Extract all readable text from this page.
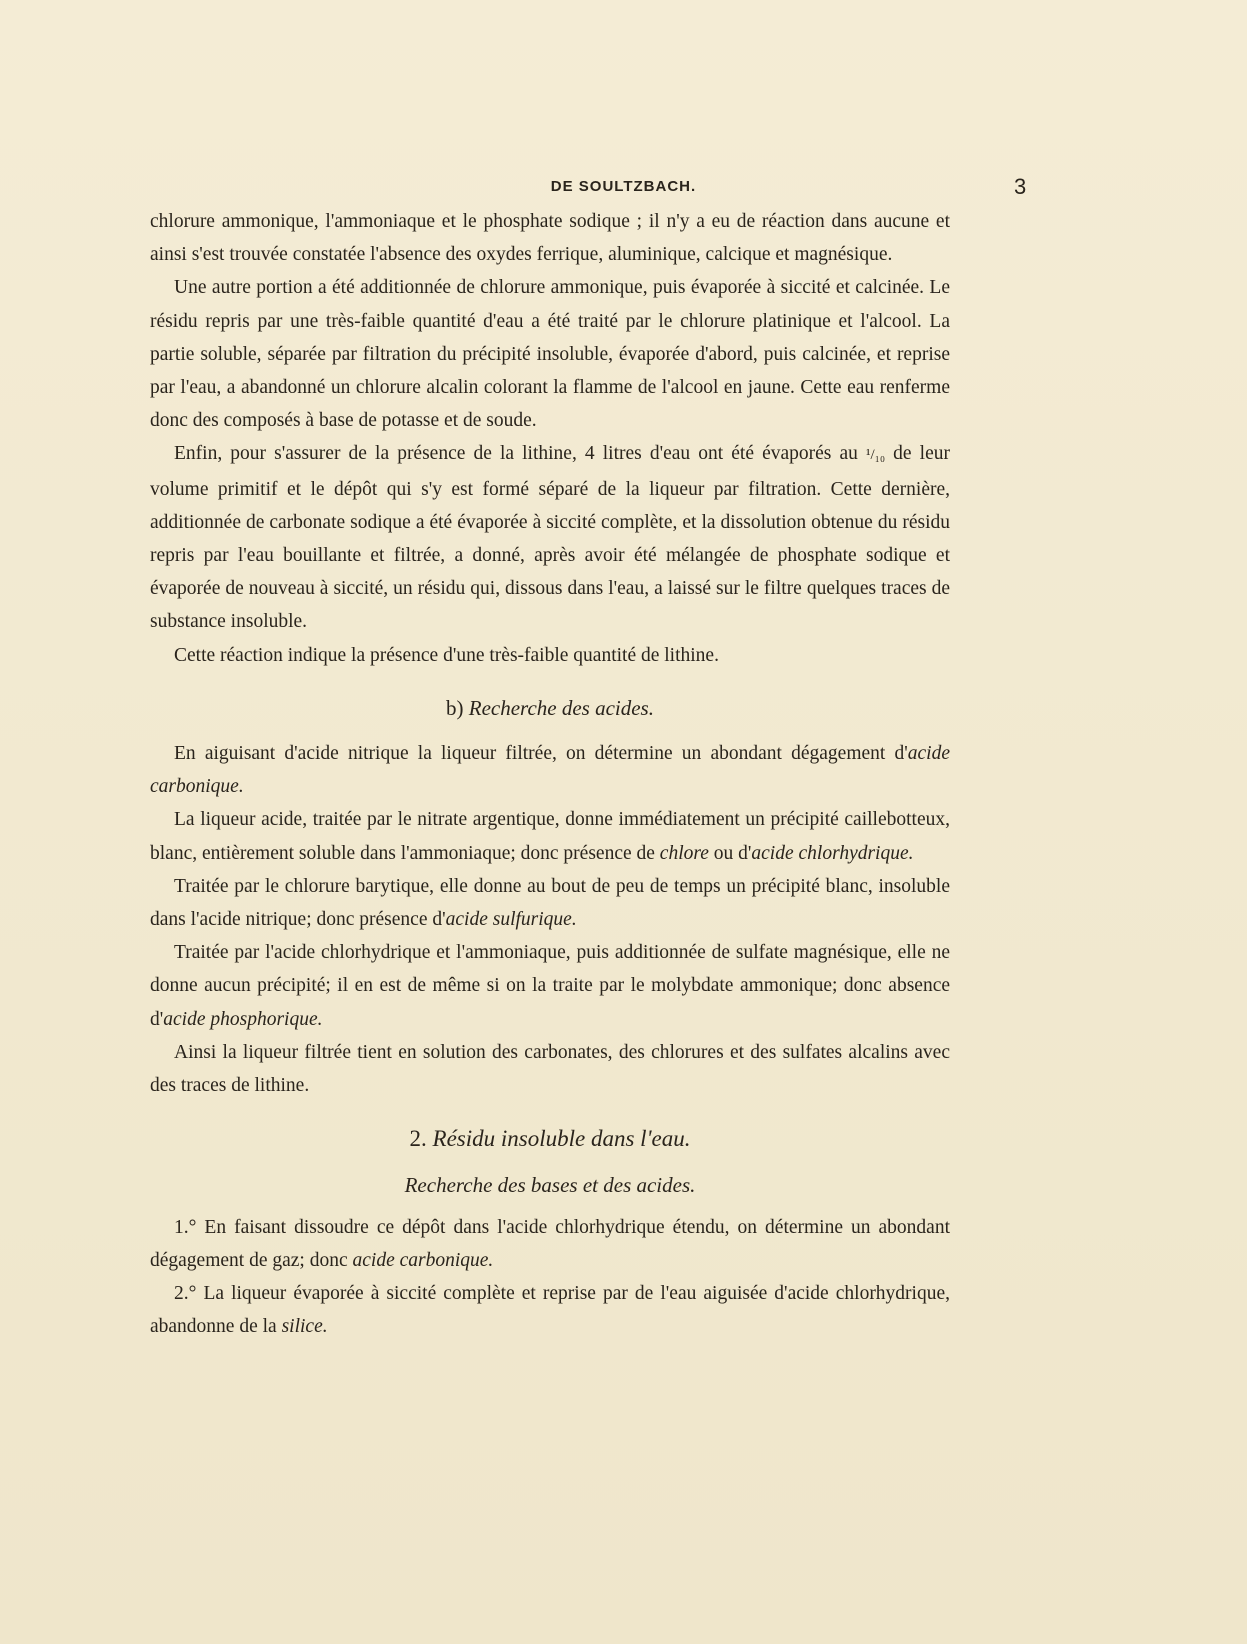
DE SOULTZBACH.	3

chlorure ammonique, l'ammoniaque et le phosphate sodique ; il n'y a eu de réaction dans aucune et ainsi s'est trouvée constatée l'absence des oxydes ferrique, aluminique, calcique et magnésique.

Une autre portion a été additionnée de chlorure ammonique, puis évaporée à siccité et calcinée. Le résidu repris par une très-faible quantité d'eau a été traité par le chlorure platinique et l'alcool. La partie soluble, séparée par filtration du précipité insoluble, évaporée d'abord, puis calcinée, et reprise par l'eau, a abandonné un chlorure alcalin colorant la flamme de l'alcool en jaune. Cette eau renferme donc des composés à base de potasse et de soude.

Enfin, pour s'assurer de la présence de la lithine, 4 litres d'eau ont été évaporés au ¹/₁₀ de leur volume primitif et le dépôt qui s'y est formé séparé de la liqueur par filtration. Cette dernière, additionnée de carbonate sodique a été évaporée à siccité complète, et la dissolution obtenue du résidu repris par l'eau bouillante et filtrée, a donné, après avoir été mélangée de phosphate sodique et évaporée de nouveau à siccité, un résidu qui, dissous dans l'eau, a laissé sur le filtre quelques traces de substance insoluble.

Cette réaction indique la présence d'une très-faible quantité de lithine.

b) Recherche des acides.

En aiguisant d'acide nitrique la liqueur filtrée, on détermine un abondant dégagement d'acide carbonique.

La liqueur acide, traitée par le nitrate argentique, donne immédiatement un précipité caillebotteux, blanc, entièrement soluble dans l'ammoniaque; donc présence de chlore ou d'acide chlorhydrique.

Traitée par le chlorure barytique, elle donne au bout de peu de temps un précipité blanc, insoluble dans l'acide nitrique; donc présence d'acide sulfurique.

Traitée par l'acide chlorhydrique et l'ammoniaque, puis additionnée de sulfate magnésique, elle ne donne aucun précipité; il en est de même si on la traite par le molybdate ammonique; donc absence d'acide phosphorique.

Ainsi la liqueur filtrée tient en solution des carbonates, des chlorures et des sulfates alcalins avec des traces de lithine.

2. Résidu insoluble dans l'eau.
Recherche des bases et des acides.

1.° En faisant dissoudre ce dépôt dans l'acide chlorhydrique étendu, on détermine un abondant dégagement de gaz; donc acide carbonique.

2.° La liqueur évaporée à siccité complète et reprise par de l'eau aiguisée d'acide chlorhydrique, abandonne de la silice.
